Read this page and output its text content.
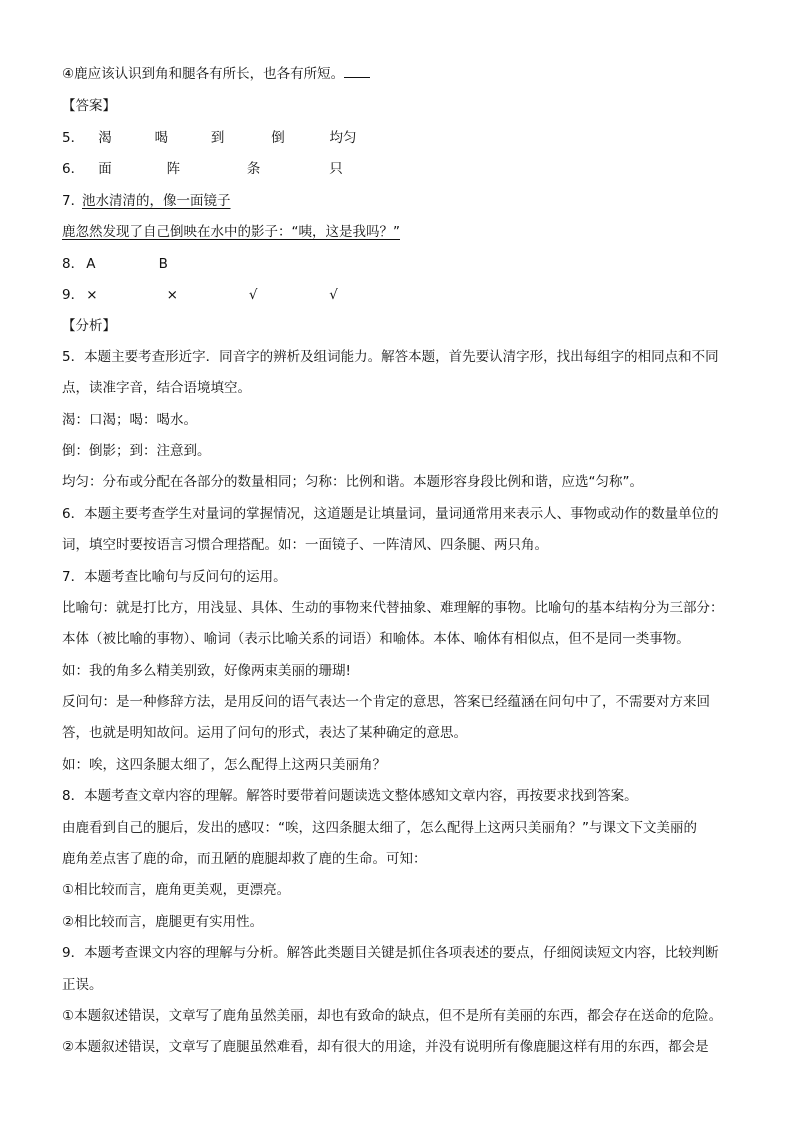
④鹿应该认识到角和腿各有所长，也各有所短。
【答案】
5． 渴	喝	到	倒	均匀
6． 面	阵	条	只
7．池水清清的，像一面镜子
鹿忽然发现了自己倒映在水中的影子：“咦，这是我吗？”
8． A	B
9． ×	×	√	√
【分析】
5．本题主要考查形近字．同音字的辨析及组词能力。解答本题，首先要认清字形，找出每组字的相同点和不同
点，读准字音，结合语境填空。
渴：口渴；喝：喝水。
倒：倒影；到：注意到。
均匀：分布或分配在各部分的数量相同；匀称：比例和谐。本题形容身段比例和谐，应选“匀称”。
6．本题主要考查学生对量词的掌握情况，这道题是让填量词，量词通常用来表示人、事物或动作的数量单位的
词，填空时要按语言习惯合理搭配。如：一面镜子、一阵清风、四条腿、两只角。
7．本题考查比喻句与反问句的运用。
比喻句：就是打比方，用浅显、具体、生动的事物来代替抽象、难理解的事物。比喻句的基本结构分为三部分：
本体（被比喻的事物）、喻词（表示比喻关系的词语）和喻体。本体、喻体有相似点，但不是同一类事物。
如：我的角多么精美别致，好像两束美丽的珊瑚!
反问句：是一种修辞方法，是用反问的语气表达一个肯定的意思，答案已经蕴涵在问句中了，不需要对方来回
答，也就是明知故问。运用了问句的形式，表达了某种确定的意思。
如：唉，这四条腿太细了，怎么配得上这两只美丽角？
8．本题考查文章内容的理解。解答时要带着问题读选文整体感知文章内容，再按要求找到答案。
由鹿看到自己的腿后，发出的感叹：“唉，这四条腿太细了，怎么配得上这两只美丽角？”与课文下文美丽的
鹿角差点害了鹿的命，而丑陋的鹿腿却救了鹿的生命。可知：
①相比较而言，鹿角更美观，更漂亮。
②相比较而言，鹿腿更有实用性。
9．本题考查课文内容的理解与分析。解答此类题目关键是抓住各项表述的要点，仔细阅读短文内容，比较判断
正误。
①本题叙述错误，文章写了鹿角虽然美丽，却也有致命的缺点，但不是所有美丽的东西，都会存在送命的危险。
②本题叙述错误，文章写了鹿腿虽然难看，却有很大的用途，并没有说明所有像鹿腿这样有用的东西，都会是
